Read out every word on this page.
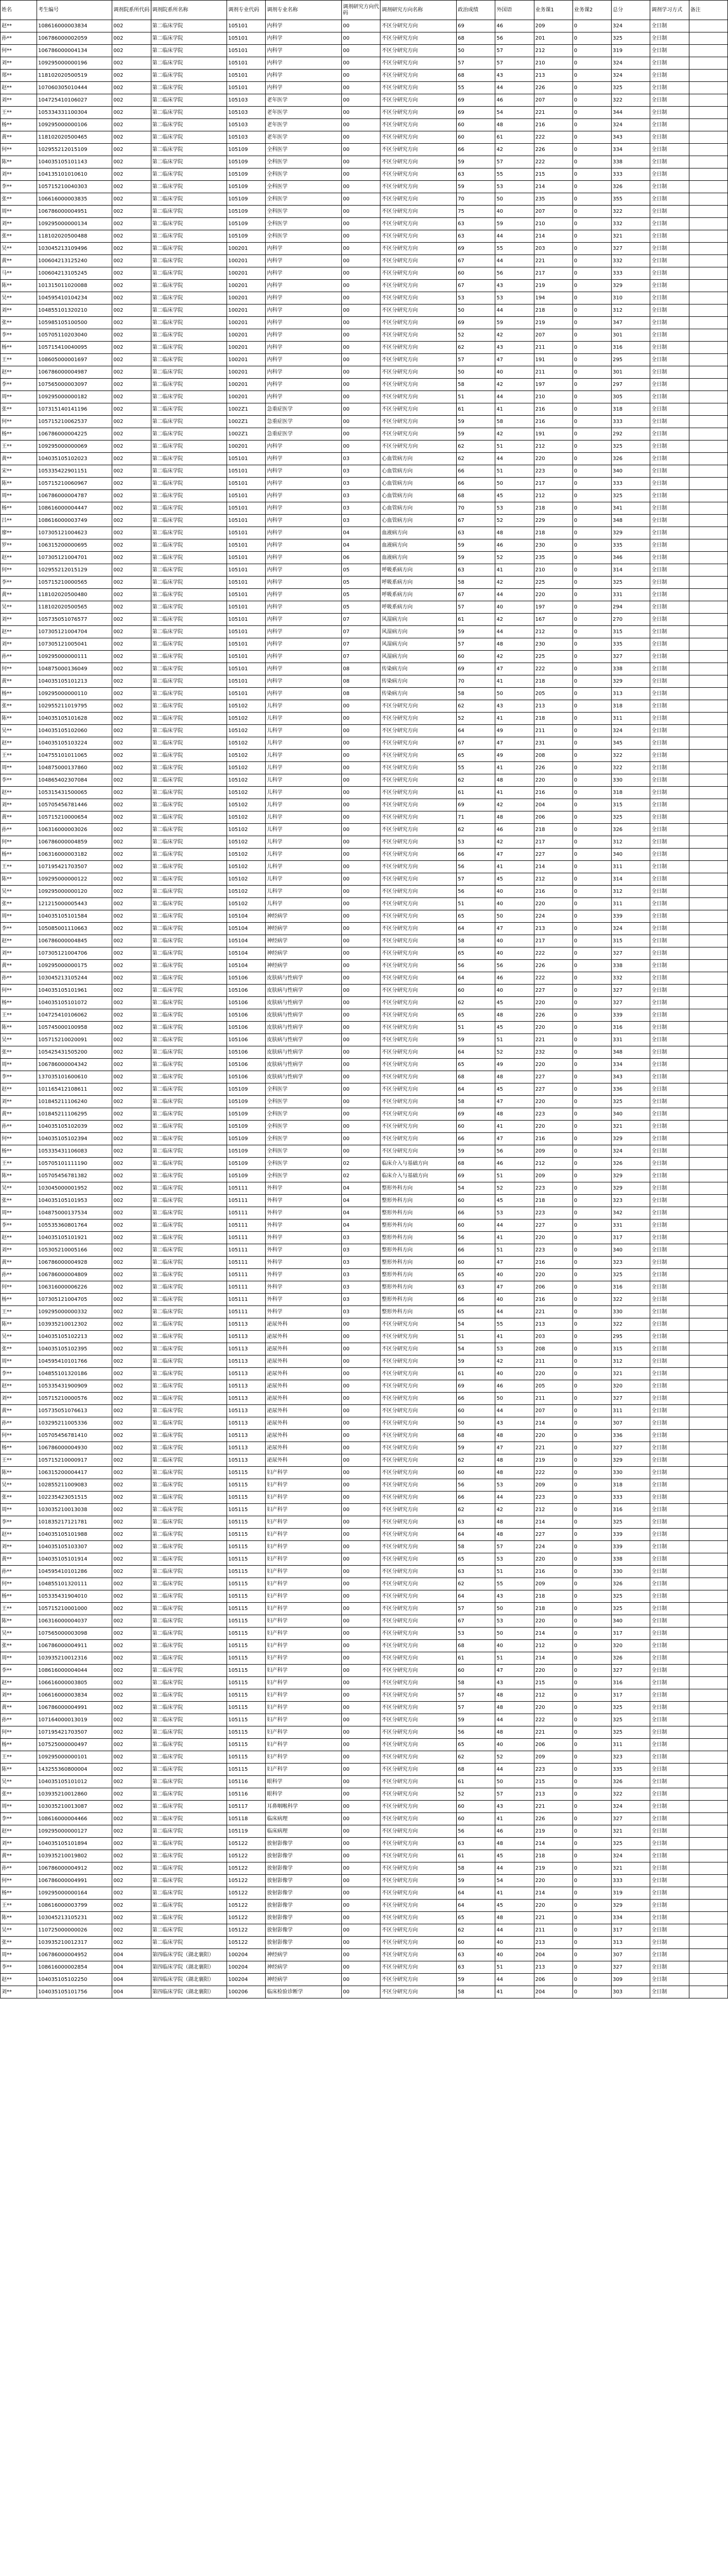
姓名	考生编号	调剂院系所代码	调剂院系所名称	调剂专业代码	调剂专业名称	调剂研究方向代码	调剂研究方向名称	政治成绩	外国语	业务课1	业务课2	总分	调剂学习方式	备注
赵**	108616000003834	002	第二临床学院	105101	内科学	00	不区分研究方向	69	46	209	0	324	全日制	
孙**	106786000002059	002	第二临床学院	105101	内科学	00	不区分研究方向	68	56	201	0	325	全日制	
何**	106786000004134	002	第二临床学院	105101	内科学	00	不区分研究方向	50	57	212	0	319	全日制	
刘**	109295000000196	002	第二临床学院	105101	内科学	00	不区分研究方向	57	57	210	0	324	全日制	
郑**	118102020500519	002	第二临床学院	105101	内科学	00	不区分研究方向	68	43	213	0	324	全日制	
赵**	107060305010444	002	第二临床学院	105101	内科学	00	不区分研究方向	55	44	226	0	325	全日制	
刘**	104725410106027	002	第二临床学院	105103	老年医学	00	不区分研究方向	69	46	207	0	322	全日制	
王**	105334331100304	002	第二临床学院	105103	老年医学	00	不区分研究方向	69	54	221	0	344	全日制	
杨**	109295000000106	002	第二临床学院	105103	老年医学	00	不区分研究方向	60	48	216	0	324	全日制	
黄**	118102020500465	002	第二临床学院	105103	老年医学	00	不区分研究方向	60	61	222	0	343	全日制	
何**	102955212015109	002	第二临床学院	105109	全科医学	00	不区分研究方向	66	42	226	0	334	全日制	
陈**	104035105101143	002	第二临床学院	105109	全科医学	00	不区分研究方向	59	57	222	0	338	全日制	
刘**	104135101010610	002	第二临床学院	105109	全科医学	00	不区分研究方向	63	55	215	0	333	全日制	
李**	105715210040303	002	第二临床学院	105109	全科医学	00	不区分研究方向	59	53	214	0	326	全日制	
张**	106616000003835	002	第二临床学院	105109	全科医学	00	不区分研究方向	70	50	235	0	355	全日制	
周**	106786000004951	002	第二临床学院	105109	全科医学	00	不区分研究方向	75	40	207	0	322	全日制	
刘**	109295000000134	002	第二临床学院	105109	全科医学	00	不区分研究方向	63	59	210	0	332	全日制	
张**	118102020500488	002	第二临床学院	105109	全科医学	00	不区分研究方向	63	44	214	0	321	全日制	
吴**	103045213109496	002	第二临床学院	100201	内科学	00	不区分研究方向	69	55	203	0	327	全日制	
黄**	100604213125240	002	第二临床学院	100201	内科学	00	不区分研究方向	67	44	221	0	332	全日制	
马**	100604213105245	002	第二临床学院	100201	内科学	00	不区分研究方向	60	56	217	0	333	全日制	
陈**	101315011020088	002	第二临床学院	100201	内科学	00	不区分研究方向	67	43	219	0	329	全日制	
吴**	104595410104234	002	第二临床学院	100201	内科学	00	不区分研究方向	53	53	194	0	310	全日制	
刘**	104855101320210	002	第二临床学院	100201	内科学	00	不区分研究方向	50	44	218	0	312	全日制	
张**	105985105100500	002	第二临床学院	100201	内科学	00	不区分研究方向	69	59	219	0	347	全日制	
李**	105705110203040	002	第二临床学院	100201	内科学	00	不区分研究方向	52	42	207	0	301	全日制	
杨**	105715410040095	002	第二临床学院	100201	内科学	00	不区分研究方向	62	43	211	0	316	全日制	
王**	108605000001697	002	第二临床学院	100201	内科学	00	不区分研究方向	57	47	191	0	295	全日制	
赵**	106786000004987	002	第二临床学院	100201	内科学	00	不区分研究方向	50	40	211	0	301	全日制	
李**	107565000003097	002	第二临床学院	100201	内科学	00	不区分研究方向	58	42	197	0	297	全日制	
周**	109295000000182	002	第二临床学院	100201	内科学	00	不区分研究方向	51	44	210	0	305	全日制	
张**	107315140141196	002	第二临床学院	1002Z1	急重症医学	00	不区分研究方向	61	41	216	0	318	全日制	
何**	105715210062537	002	第二临床学院	1002Z1	急重症医学	00	不区分研究方向	59	58	216	0	333	全日制	
杨**	106786000004225	002	第二临床学院	1002Z1	急重症医学	00	不区分研究方向	59	42	191	0	292	全日制	
王**	109295000000069	002	第二临床学院	100201	内科学	00	不区分研究方向	62	51	212	0	325	全日制	
黄**	104035105102023	002	第二临床学院	105101	内科学	03	心血管病方向	62	44	220	0	326	全日制	
宋**	105335422901151	002	第二临床学院	105101	内科学	03	心血管病方向	66	51	223	0	340	全日制	
陈**	105715210060967	002	第二临床学院	105101	内科学	03	心血管病方向	66	50	217	0	333	全日制	
周**	106786000004787	002	第二临床学院	105101	内科学	03	心血管病方向	68	45	212	0	325	全日制	
杨**	108616000004447	002	第二临床学院	105101	内科学	03	心血管病方向	70	53	218	0	341	全日制	
吕**	108616000003749	002	第二临床学院	105101	内科学	03	心血管病方向	67	52	229	0	348	全日制	
廖**	107305121004623	002	第二临床学院	105101	内科学	04	血液病方向	63	48	218	0	329	全日制	
罗**	106315200000695	002	第二临床学院	105101	内科学	04	血液病方向	59	46	230	0	335	全日制	
赵**	107305121004701	002	第二临床学院	105101	内科学	06	血液病方向	59	52	235	0	346	全日制	
何**	102955212015129	002	第二临床学院	105101	内科学	05	呼吸系病方向	63	41	210	0	314	全日制	
李**	105715210000565	002	第二临床学院	105101	内科学	05	呼吸系病方向	58	42	225	0	325	全日制	
黄**	118102020500480	002	第二临床学院	105101	内科学	05	呼吸系病方向	67	44	220	0	331	全日制	
吴**	118102020500565	002	第二临床学院	105101	内科学	05	呼吸系病方向	57	40	197	0	294	全日制	
刘**	105735051076577	002	第二临床学院	105101	内科学	07	风湿病方向	61	42	167	0	270	全日制	
赵**	107305121004704	002	第二临床学院	105101	内科学	07	风湿病方向	59	44	212	0	315	全日制	
刘**	107305121005041	002	第二临床学院	105101	内科学	07	风湿病方向	57	48	230	0	335	全日制	
孙**	109295000000111	002	第二临床学院	105101	内科学	07	风湿病方向	60	42	225	0	327	全日制	
何**	104875000136049	002	第二临床学院	105101	内科学	08	传染病方向	69	47	222	0	338	全日制	
黄**	104035105101213	002	第二临床学院	105101	内科学	08	传染病方向	70	41	218	0	329	全日制	
杨**	109295000000110	002	第二临床学院	105101	内科学	08	传染病方向	58	50	205	0	313	全日制	
张**	102955211019795	002	第二临床学院	105102	儿科学	00	不区分研究方向	62	43	213	0	318	全日制	
陈**	104035105101628	002	第二临床学院	105102	儿科学	00	不区分研究方向	52	41	218	0	311	全日制	
吴**	104035105102060	002	第二临床学院	105102	儿科学	00	不区分研究方向	64	49	211	0	324	全日制	
赵**	104035105103224	002	第二临床学院	105102	儿科学	00	不区分研究方向	67	47	231	0	345	全日制	
王**	104755101011065	002	第二临床学院	105102	儿科学	00	不区分研究方向	65	49	208	0	322	全日制	
周**	104875000137860	002	第二临床学院	105102	儿科学	00	不区分研究方向	55	41	226	0	322	全日制	
李**	104865402307084	002	第二临床学院	105102	儿科学	00	不区分研究方向	62	48	220	0	330	全日制	
赵**	105315431500065	002	第二临床学院	105102	儿科学	00	不区分研究方向	61	41	216	0	318	全日制	
刘**	105705456781446	002	第二临床学院	105102	儿科学	00	不区分研究方向	69	42	204	0	315	全日制	
黄**	105715210000654	002	第二临床学院	105102	儿科学	00	不区分研究方向	71	48	206	0	325	全日制	
孙**	106316000003026	002	第二临床学院	105102	儿科学	00	不区分研究方向	62	46	218	0	326	全日制	
何**	106786000004859	002	第二临床学院	105102	儿科学	00	不区分研究方向	53	42	217	0	312	全日制	
杨**	106316000003182	002	第二临床学院	105102	儿科学	00	不区分研究方向	66	47	227	0	340	全日制	
王**	107195421703507	002	第二临床学院	105102	儿科学	00	不区分研究方向	56	41	214	0	311	全日制	
陈**	109295000000122	002	第二临床学院	105102	儿科学	00	不区分研究方向	57	45	212	0	314	全日制	
吴**	109295000000120	002	第二临床学院	105102	儿科学	00	不区分研究方向	56	40	216	0	312	全日制	
张**	121215000005443	002	第二临床学院	105102	儿科学	00	不区分研究方向	51	40	220	0	311	全日制	
周**	104035105101584	002	第二临床学院	105104	神经病学	00	不区分研究方向	65	50	224	0	339	全日制	
李**	105085001110663	002	第二临床学院	105104	神经病学	00	不区分研究方向	64	47	213	0	324	全日制	
赵**	106786000004845	002	第二临床学院	105104	神经病学	00	不区分研究方向	58	40	217	0	315	全日制	
刘**	107305121004706	002	第二临床学院	105104	神经病学	00	不区分研究方向	65	40	222	0	327	全日制	
黄**	109295000000175	002	第二临床学院	105104	神经病学	00	不区分研究方向	56	56	226	0	338	全日制	
孙**	103045213105244	002	第二临床学院	105106	皮肤病与性病学	00	不区分研究方向	64	46	222	0	332	全日制	
何**	104035105101961	002	第二临床学院	105106	皮肤病与性病学	00	不区分研究方向	60	40	227	0	327	全日制	
杨**	104035105101072	002	第二临床学院	105106	皮肤病与性病学	00	不区分研究方向	62	45	220	0	327	全日制	
王**	104725410106062	002	第二临床学院	105106	皮肤病与性病学	00	不区分研究方向	65	48	226	0	339	全日制	
陈**	105745000100958	002	第二临床学院	105106	皮肤病与性病学	00	不区分研究方向	51	45	220	0	316	全日制	
吴**	105715210020091	002	第二临床学院	105106	皮肤病与性病学	00	不区分研究方向	59	51	221	0	331	全日制	
张**	105425431505200	002	第二临床学院	105106	皮肤病与性病学	00	不区分研究方向	64	52	232	0	348	全日制	
周**	106786000004342	002	第二临床学院	105106	皮肤病与性病学	00	不区分研究方向	65	49	220	0	334	全日制	
李**	137035101600610	002	第二临床学院	105106	皮肤病与性病学	00	不区分研究方向	68	48	227	0	343	全日制	
赵**	101165412108611	002	第二临床学院	105109	全科医学	00	不区分研究方向	64	45	227	0	336	全日制	
刘**	101845211106240	002	第二临床学院	105109	全科医学	00	不区分研究方向	58	47	220	0	325	全日制	
黄**	101845211106295	002	第二临床学院	105109	全科医学	00	不区分研究方向	69	48	223	0	340	全日制	
孙**	104035105102039	002	第二临床学院	105109	全科医学	00	不区分研究方向	60	41	220	0	321	全日制	
何**	104035105102394	002	第二临床学院	105109	全科医学	00	不区分研究方向	66	47	216	0	329	全日制	
杨**	105335431106083	002	第二临床学院	105109	全科医学	00	不区分研究方向	59	56	209	0	324	全日制	
王**	105705101111190	002	第二临床学院	105109	全科医学	02	临床介入与基础方向	68	46	212	0	326	全日制	
陈**	105705456781382	002	第二临床学院	105109	全科医学	02	临床介入与基础方向	69	51	209	0	329	全日制	
吴**	103045000001952	002	第二临床学院	105111	外科学	04	整形外科方向	54	52	223	0	329	全日制	
张**	104035105101953	002	第二临床学院	105111	外科学	04	整形外科方向	60	45	218	0	323	全日制	
周**	104875000137534	002	第二临床学院	105111	外科学	04	整形外科方向	66	53	223	0	342	全日制	
李**	105535360801764	002	第二临床学院	105111	外科学	04	整形外科方向	60	44	227	0	331	全日制	
赵**	104035105101921	002	第二临床学院	105111	外科学	03	整形外科方向	56	41	220	0	317	全日制	
刘**	105305210005166	002	第二临床学院	105111	外科学	03	整形外科方向	66	51	223	0	340	全日制	
黄**	106786000004928	002	第二临床学院	105111	外科学	03	整形外科方向	60	47	216	0	323	全日制	
孙**	106786000004809	002	第二临床学院	105111	外科学	03	整形外科方向	65	40	220	0	325	全日制	
何**	106316000006226	002	第二临床学院	105111	外科学	03	整形外科方向	63	47	206	0	316	全日制	
杨**	107305121004705	002	第二临床学院	105111	外科学	03	整形外科方向	66	40	216	0	322	全日制	
王**	109295000000332	002	第二临床学院	105111	外科学	03	整形外科方向	65	44	221	0	330	全日制	
陈**	103935210012302	002	第二临床学院	105113	泌尿外科	00	不区分研究方向	54	55	213	0	322	全日制	
吴**	104035105102213	002	第二临床学院	105113	泌尿外科	00	不区分研究方向	51	41	203	0	295	全日制	
张**	104035105102395	002	第二临床学院	105113	泌尿外科	00	不区分研究方向	54	53	208	0	315	全日制	
周**	104595410101766	002	第二临床学院	105113	泌尿外科	00	不区分研究方向	59	42	211	0	312	全日制	
李**	104855101320186	002	第二临床学院	105113	泌尿外科	00	不区分研究方向	61	40	220	0	321	全日制	
赵**	105335431900909	002	第二临床学院	105113	泌尿外科	00	不区分研究方向	69	46	205	0	320	全日制	
刘**	105715210000576	002	第二临床学院	105113	泌尿外科	00	不区分研究方向	66	50	211	0	327	全日制	
黄**	105735051076613	002	第二临床学院	105113	泌尿外科	00	不区分研究方向	60	44	207	0	311	全日制	
孙**	103295211005336	002	第二临床学院	105113	泌尿外科	00	不区分研究方向	50	43	214	0	307	全日制	
何**	105705456781410	002	第二临床学院	105113	泌尿外科	00	不区分研究方向	68	48	220	0	336	全日制	
杨**	106786000004930	002	第二临床学院	105113	泌尿外科	00	不区分研究方向	59	47	221	0	327	全日制	
王**	105715210000917	002	第二临床学院	105113	泌尿外科	00	不区分研究方向	62	48	219	0	329	全日制	
陈**	106315200004417	002	第二临床学院	105115	妇产科学	00	不区分研究方向	60	48	222	0	330	全日制	
吴**	102855211009083	002	第二临床学院	105115	妇产科学	00	不区分研究方向	56	53	209	0	318	全日制	
张**	102235423051515	002	第二临床学院	105115	妇产科学	00	不区分研究方向	66	44	223	0	333	全日制	
周**	103035210013038	002	第二临床学院	105115	妇产科学	00	不区分研究方向	62	42	212	0	316	全日制	
李**	101835217121781	002	第二临床学院	105115	妇产科学	00	不区分研究方向	63	48	214	0	325	全日制	
赵**	104035105101988	002	第二临床学院	105115	妇产科学	00	不区分研究方向	64	48	227	0	339	全日制	
刘**	104035105103307	002	第二临床学院	105115	妇产科学	00	不区分研究方向	58	57	224	0	339	全日制	
黄**	104035105101914	002	第二临床学院	105115	妇产科学	00	不区分研究方向	65	53	220	0	338	全日制	
孙**	104595410101286	002	第二临床学院	105115	妇产科学	00	不区分研究方向	63	51	216	0	330	全日制	
何**	104855101320111	002	第二临床学院	105115	妇产科学	00	不区分研究方向	62	55	209	0	326	全日制	
杨**	105335431904010	002	第二临床学院	105115	妇产科学	00	不区分研究方向	64	43	218	0	325	全日制	
王**	105715210001000	002	第二临床学院	105115	妇产科学	00	不区分研究方向	57	50	218	0	325	全日制	
陈**	106316000004037	002	第二临床学院	105115	妇产科学	00	不区分研究方向	67	53	220	0	340	全日制	
吴**	107565000003098	002	第二临床学院	105115	妇产科学	00	不区分研究方向	53	50	214	0	317	全日制	
张**	106786000004911	002	第二临床学院	105115	妇产科学	00	不区分研究方向	68	40	212	0	320	全日制	
周**	103935210012316	002	第二临床学院	105115	妇产科学	00	不区分研究方向	61	51	214	0	326	全日制	
李**	108616000004044	002	第二临床学院	105115	妇产科学	00	不区分研究方向	60	47	220	0	327	全日制	
赵**	106616000003805	002	第二临床学院	105115	妇产科学	00	不区分研究方向	58	43	215	0	316	全日制	
刘**	106616000003834	002	第二临床学院	105115	妇产科学	00	不区分研究方向	57	48	212	0	317	全日制	
黄**	106786000004991	002	第二临床学院	105115	妇产科学	00	不区分研究方向	57	48	220	0	325	全日制	
孙**	107164000013019	002	第二临床学院	105115	妇产科学	00	不区分研究方向	59	44	222	0	325	全日制	
何**	107195421703507	002	第二临床学院	105115	妇产科学	00	不区分研究方向	56	48	221	0	325	全日制	
杨**	107525000000497	002	第二临床学院	105115	妇产科学	00	不区分研究方向	65	40	206	0	311	全日制	
王**	109295000000101	002	第二临床学院	105115	妇产科学	00	不区分研究方向	62	52	209	0	323	全日制	
陈**	143255360800004	002	第二临床学院	105115	妇产科学	00	不区分研究方向	68	44	223	0	335	全日制	
吴**	104035105101012	002	第二临床学院	105116	眼科学	00	不区分研究方向	61	50	215	0	326	全日制	
张**	103935210012860	002	第二临床学院	105116	眼科学	00	不区分研究方向	52	57	213	0	322	全日制	
周**	103035210013087	002	第二临床学院	105117	耳鼻咽喉科学	00	不区分研究方向	60	43	221	0	324	全日制	
李**	108616000004466	002	第二临床学院	105118	临床病理	00	不区分研究方向	60	41	226	0	327	全日制	
赵**	109295000000127	002	第二临床学院	105119	临床病理	00	不区分研究方向	56	46	219	0	321	全日制	
刘**	104035105101894	002	第二临床学院	105122	放射影像学	00	不区分研究方向	63	48	214	0	325	全日制	
黄**	103935210019802	002	第二临床学院	105122	放射影像学	00	不区分研究方向	61	45	218	0	324	全日制	
孙**	106786000004912	002	第二临床学院	105122	放射影像学	00	不区分研究方向	58	44	219	0	321	全日制	
何**	106786000004991	002	第二临床学院	105122	放射影像学	00	不区分研究方向	59	54	220	0	333	全日制	
杨**	109295000000164	002	第二临床学院	105122	放射影像学	00	不区分研究方向	64	41	214	0	319	全日制	
王**	108616000003799	002	第二临床学院	105122	放射影像学	00	不区分研究方向	64	45	220	0	329	全日制	
陈**	103045213105231	002	第二临床学院	105122	放射影像学	00	不区分研究方向	65	48	221	0	334	全日制	
吴**	110725000000026	002	第二临床学院	105122	放射影像学	00	不区分研究方向	62	44	211	0	317	全日制	
张**	103935210012317	002	第二临床学院	105122	放射影像学	00	不区分研究方向	60	40	213	0	313	全日制	
周**	106786000004952	004	第四临床学院（湖北襄阳）	100204	神经病学	00	不区分研究方向	63	40	204	0	307	全日制	
李**	108616000002854	004	第四临床学院（湖北襄阳）	100204	神经病学	00	不区分研究方向	63	51	213	0	327	全日制	
赵**	104035105102250	004	第四临床学院（湖北襄阳）	100204	神经病学	00	不区分研究方向	59	44	206	0	309	全日制	
刘**	104035105101756	004	第四临床学院（湖北襄阳）	100206	临床检验诊断学	00	不区分研究方向	58	41	204	0	303	全日制	
